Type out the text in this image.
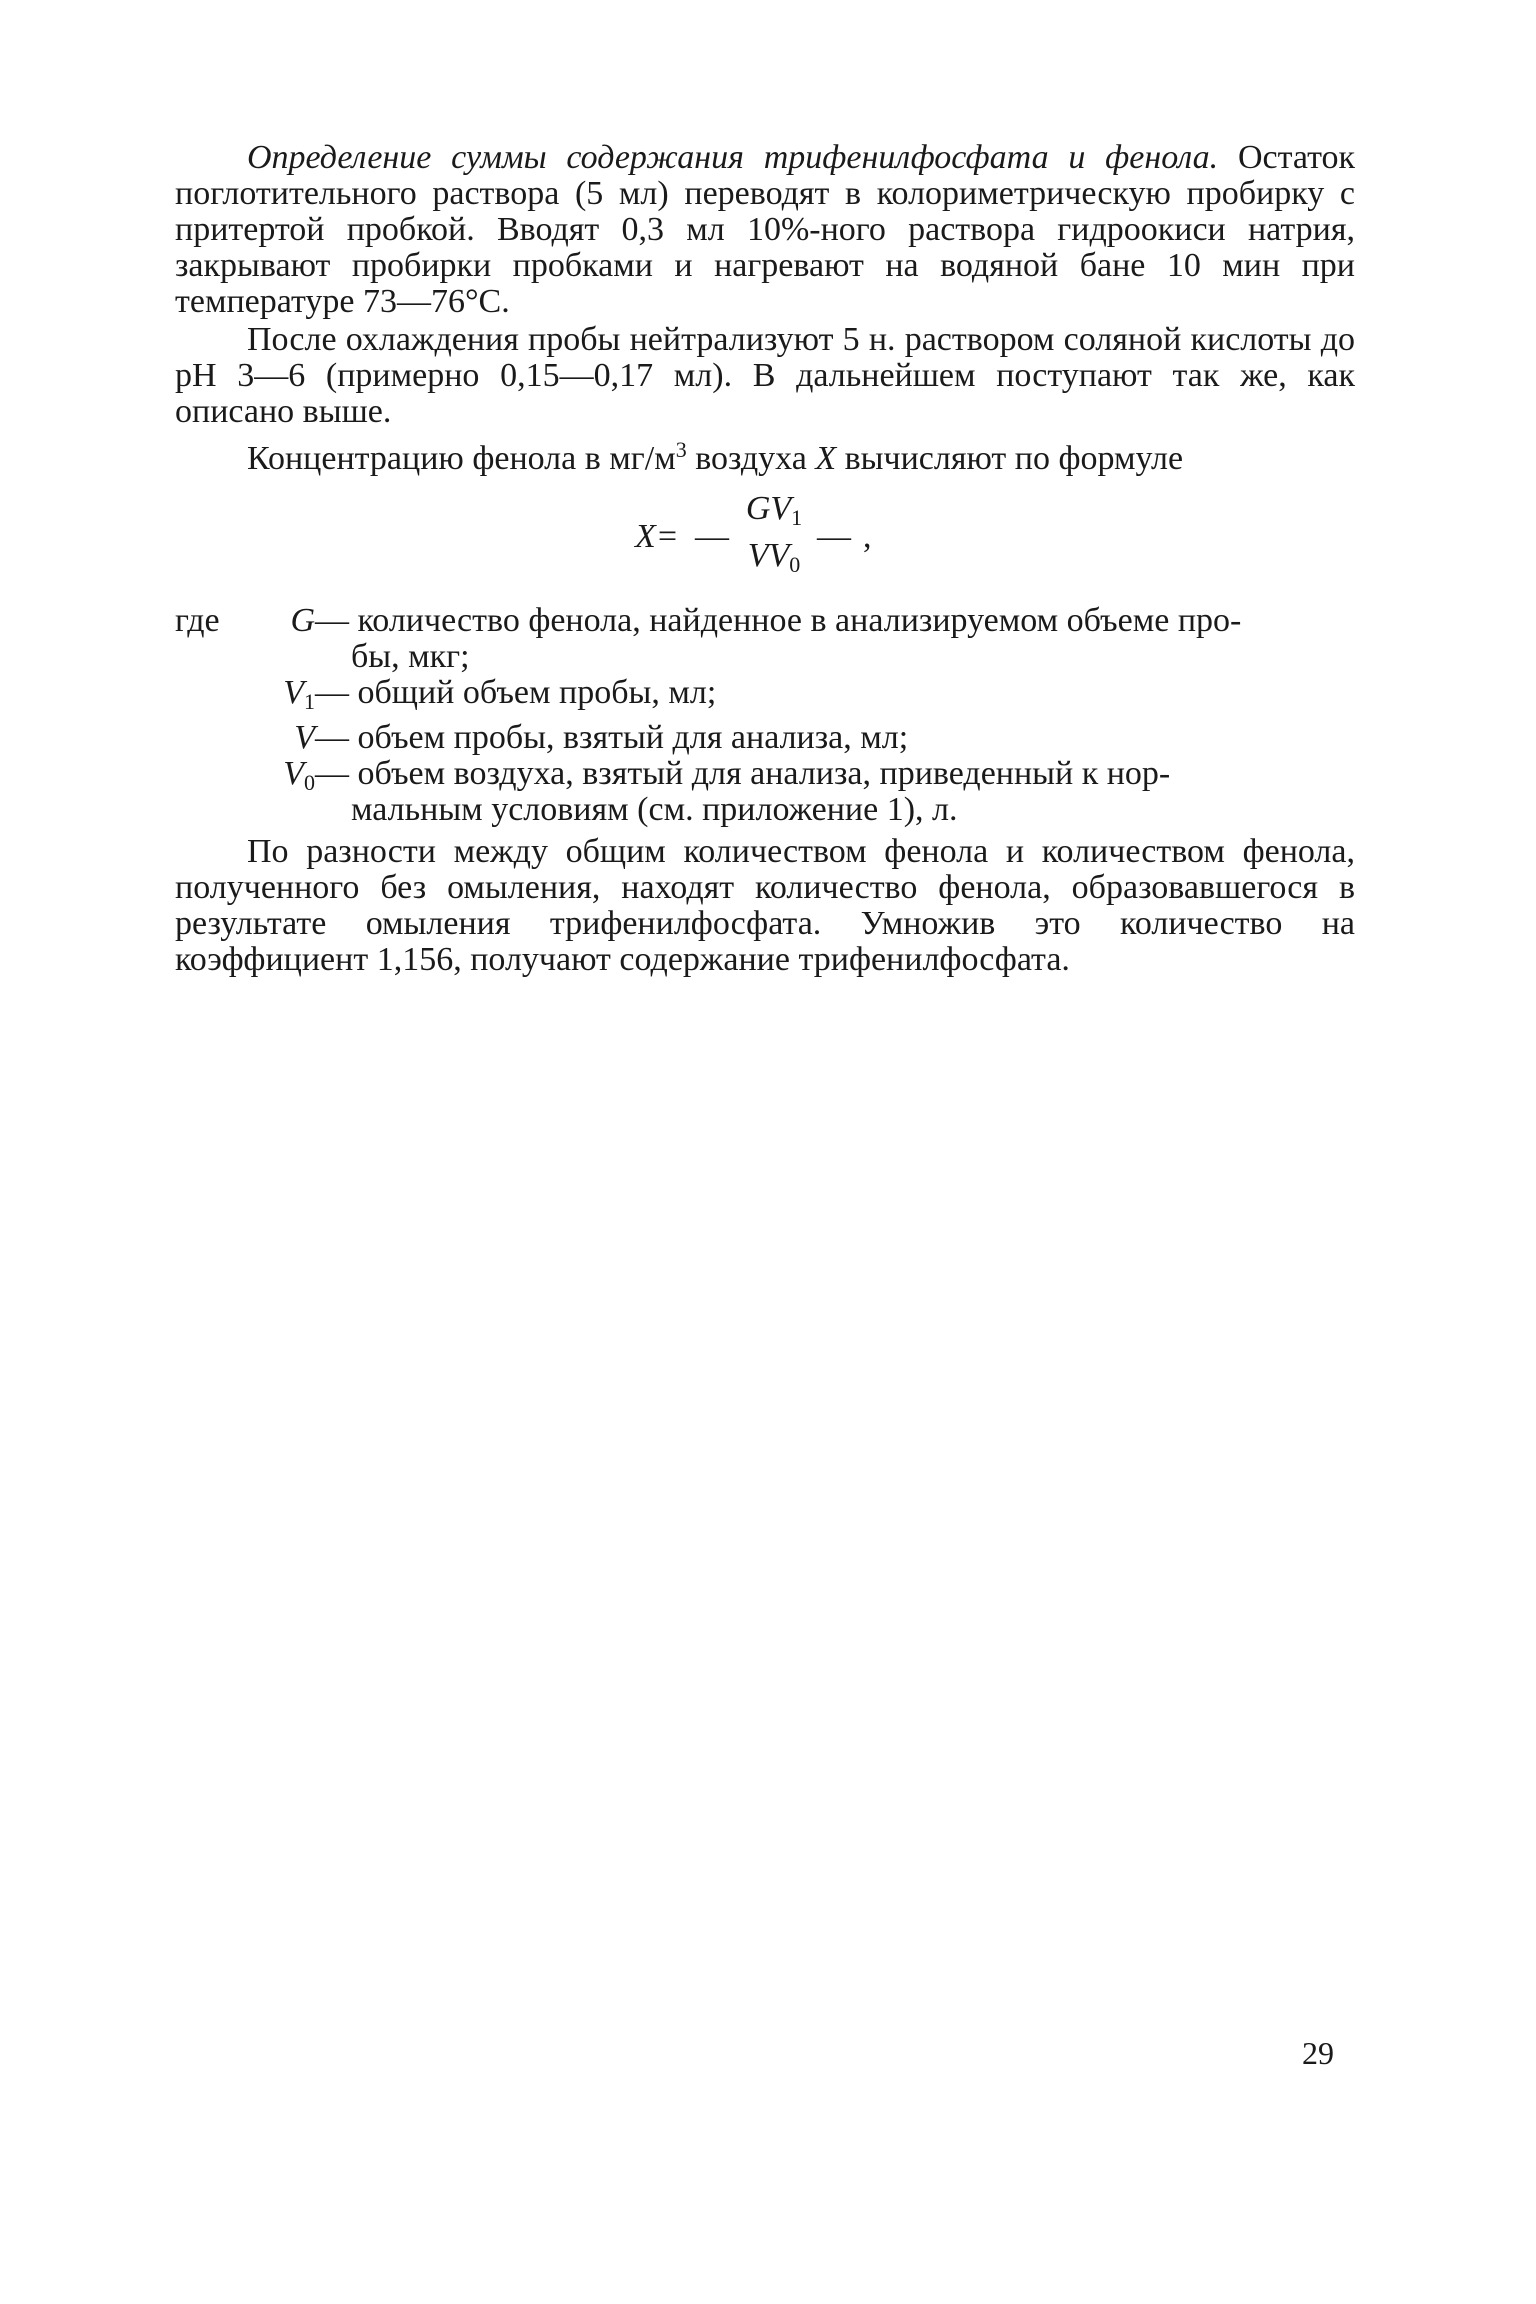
Определение суммы содержания трифенилфосфата и фенола. Остаток поглотительного раствора (5 мл) переводят в колориметрическую пробирку с притертой пробкой. Вводят 0,3 мл 10%-ного раствора гидроокиси натрия, закрывают пробирки пробками и нагревают на водяной бане 10 мин при температуре 73—76°С.

После охлаждения пробы нейтрализуют 5 н. раствором соляной кислоты до рН 3—6 (примерно 0,15—0,17 мл). В дальнейшем поступают так же, как описано выше.

Концентрацию фенола в $мг/м^3$ воздуха X вычисляют по формуле

X= —
$GV_1$
$VV_0$
— ,
где	G — количество фенола, найденное в анализируемом объеме про-
бы, мкг;
$V_1$ — общий объем пробы, мл;
V — объем пробы, взятый для анализа, мл;
$V_0$ — объем воздуха, взятый для анализа, приведенный к нор-
мальным условиям (см. приложение 1), л.

По разности между общим количеством фенола и количеством фенола, полученного без омыления, находят количество фенола, образовавшегося в результате омыления трифенилфосфата. Умножив это количество на коэффициент 1,156, получают содержание трифенилфосфата.

29
